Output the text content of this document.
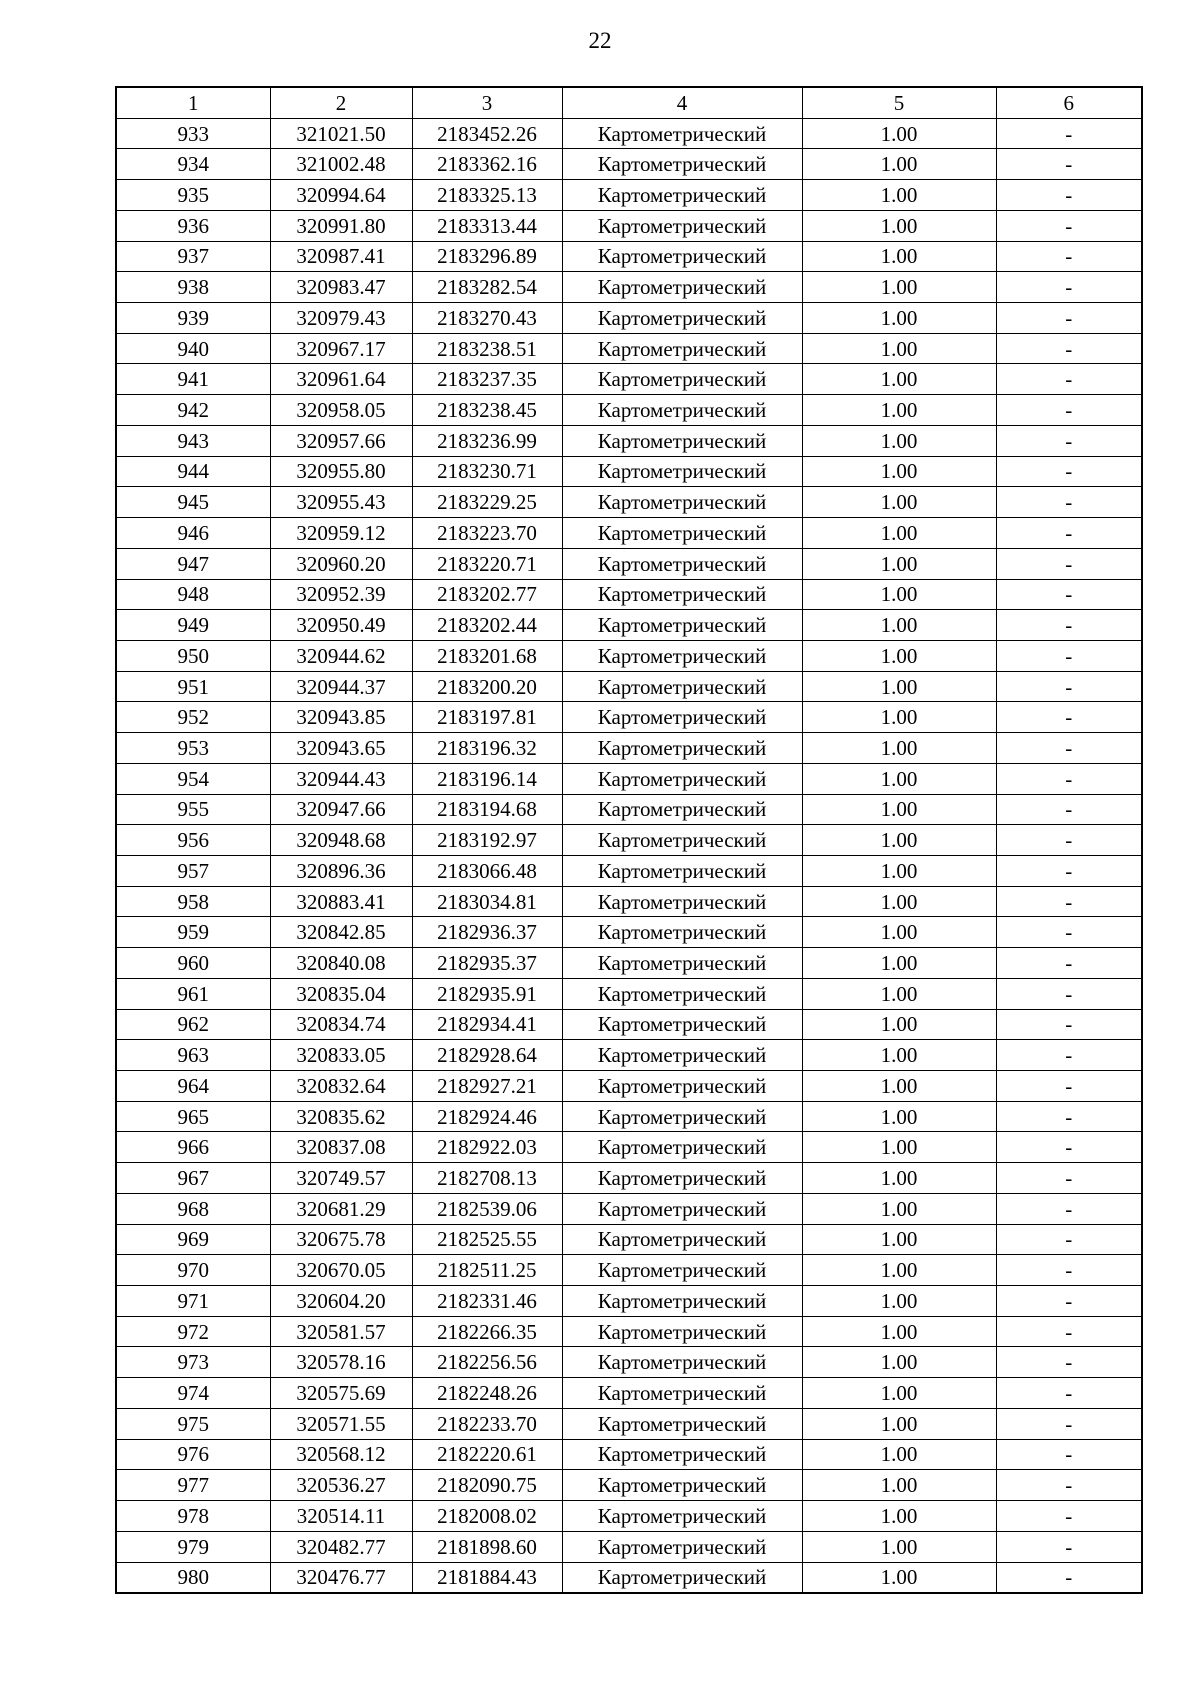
22
1	2	3	4	5	6
933	321021.50	2183452.26	Картометрический	1.00	-
934	321002.48	2183362.16	Картометрический	1.00	-
935	320994.64	2183325.13	Картометрический	1.00	-
936	320991.80	2183313.44	Картометрический	1.00	-
937	320987.41	2183296.89	Картометрический	1.00	-
938	320983.47	2183282.54	Картометрический	1.00	-
939	320979.43	2183270.43	Картометрический	1.00	-
940	320967.17	2183238.51	Картометрический	1.00	-
941	320961.64	2183237.35	Картометрический	1.00	-
942	320958.05	2183238.45	Картометрический	1.00	-
943	320957.66	2183236.99	Картометрический	1.00	-
944	320955.80	2183230.71	Картометрический	1.00	-
945	320955.43	2183229.25	Картометрический	1.00	-
946	320959.12	2183223.70	Картометрический	1.00	-
947	320960.20	2183220.71	Картометрический	1.00	-
948	320952.39	2183202.77	Картометрический	1.00	-
949	320950.49	2183202.44	Картометрический	1.00	-
950	320944.62	2183201.68	Картометрический	1.00	-
951	320944.37	2183200.20	Картометрический	1.00	-
952	320943.85	2183197.81	Картометрический	1.00	-
953	320943.65	2183196.32	Картометрический	1.00	-
954	320944.43	2183196.14	Картометрический	1.00	-
955	320947.66	2183194.68	Картометрический	1.00	-
956	320948.68	2183192.97	Картометрический	1.00	-
957	320896.36	2183066.48	Картометрический	1.00	-
958	320883.41	2183034.81	Картометрический	1.00	-
959	320842.85	2182936.37	Картометрический	1.00	-
960	320840.08	2182935.37	Картометрический	1.00	-
961	320835.04	2182935.91	Картометрический	1.00	-
962	320834.74	2182934.41	Картометрический	1.00	-
963	320833.05	2182928.64	Картометрический	1.00	-
964	320832.64	2182927.21	Картометрический	1.00	-
965	320835.62	2182924.46	Картометрический	1.00	-
966	320837.08	2182922.03	Картометрический	1.00	-
967	320749.57	2182708.13	Картометрический	1.00	-
968	320681.29	2182539.06	Картометрический	1.00	-
969	320675.78	2182525.55	Картометрический	1.00	-
970	320670.05	2182511.25	Картометрический	1.00	-
971	320604.20	2182331.46	Картометрический	1.00	-
972	320581.57	2182266.35	Картометрический	1.00	-
973	320578.16	2182256.56	Картометрический	1.00	-
974	320575.69	2182248.26	Картометрический	1.00	-
975	320571.55	2182233.70	Картометрический	1.00	-
976	320568.12	2182220.61	Картометрический	1.00	-
977	320536.27	2182090.75	Картометрический	1.00	-
978	320514.11	2182008.02	Картометрический	1.00	-
979	320482.77	2181898.60	Картометрический	1.00	-
980	320476.77	2181884.43	Картометрический	1.00	-
